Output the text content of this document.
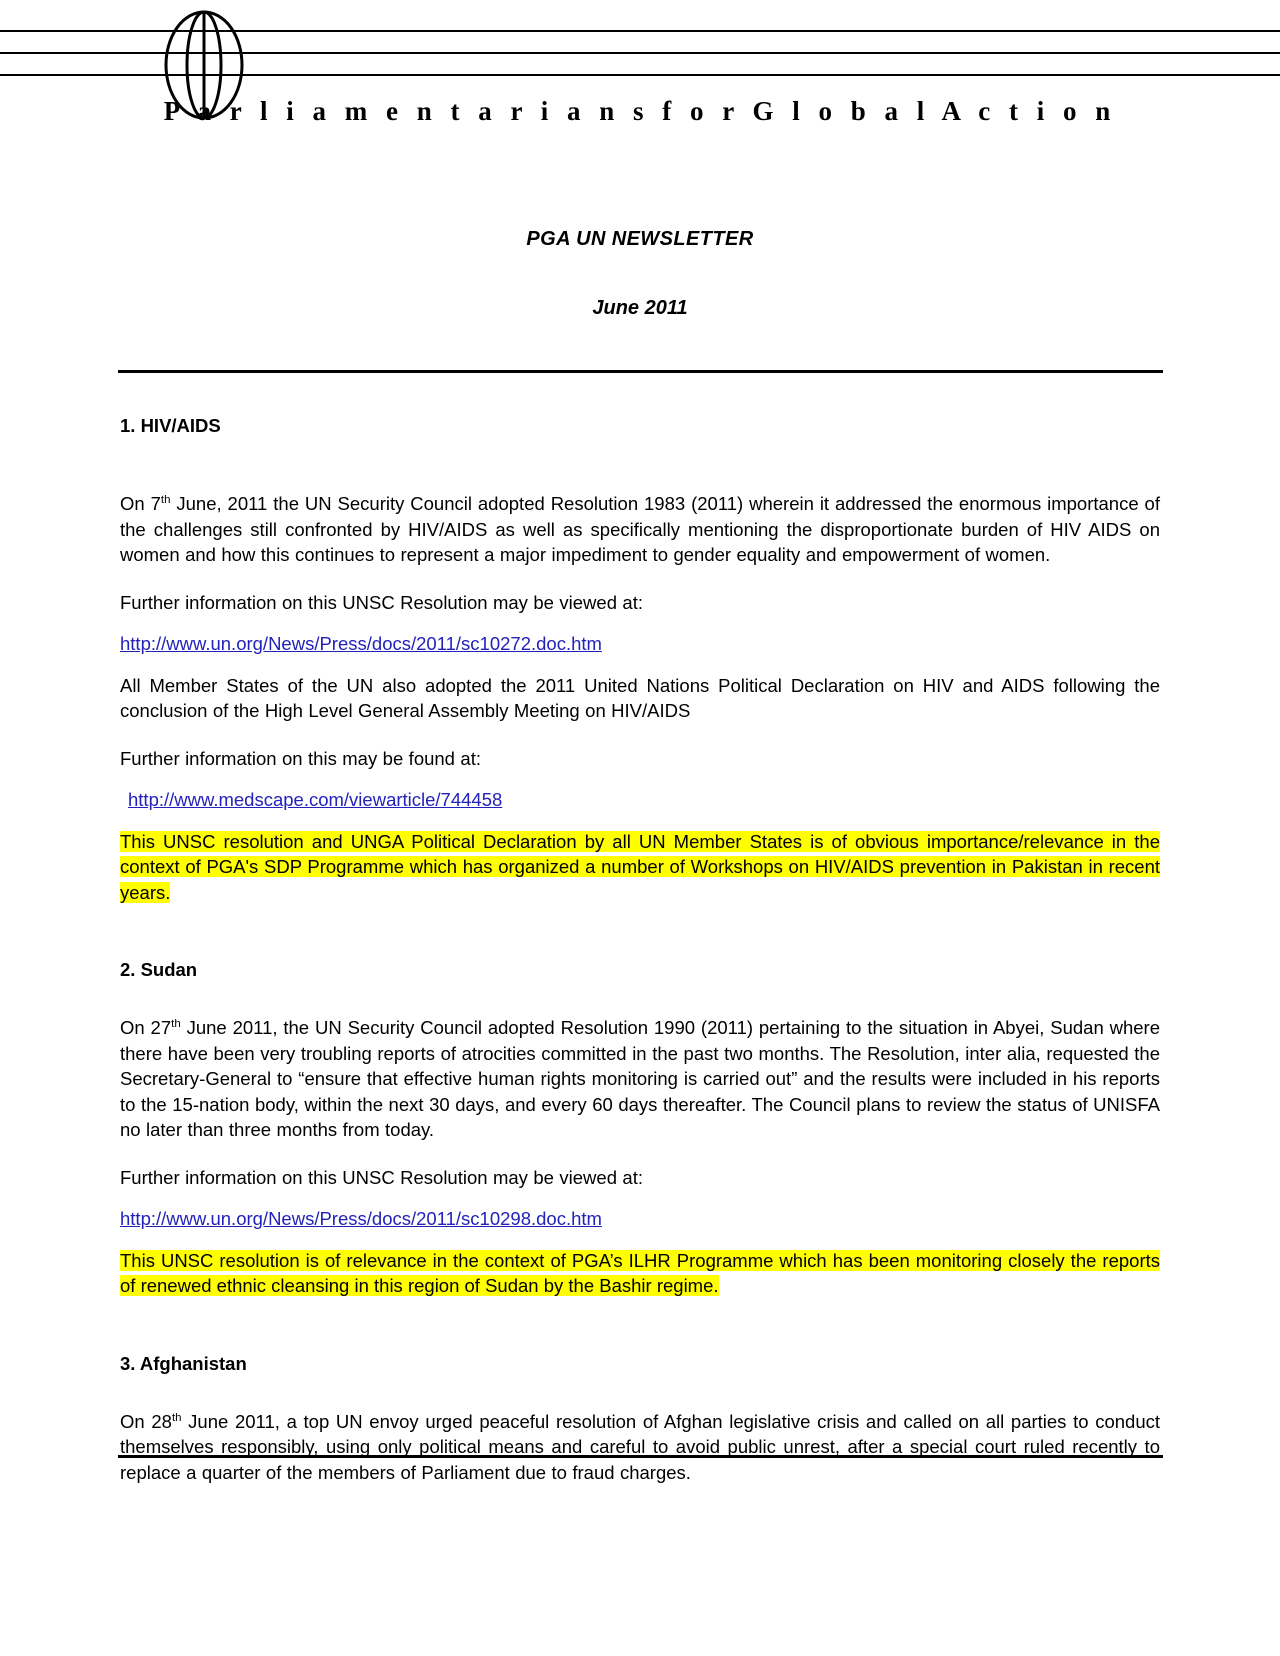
P a r l i a m e n t a r i a n s f o r G l o b a l A c t i o n
PGA UN NEWSLETTER
June 2011
1. HIV/AIDS

On 7th June, 2011 the UN Security Council adopted Resolution 1983 (2011) wherein it addressed the enormous importance of the challenges still confronted by HIV/AIDS as well as specifically mentioning the disproportionate burden of HIV AIDS on women and how this continues to represent a major impediment to gender equality and empowerment of women.

Further information on this UNSC Resolution may be viewed at:

http://www.un.org/News/Press/docs/2011/sc10272.doc.htm

All Member States of the UN also adopted the 2011 United Nations Political Declaration on HIV and AIDS following the conclusion of the High Level General Assembly Meeting on HIV/AIDS

Further information on this may be found at:

http://www.medscape.com/viewarticle/744458

This UNSC resolution and UNGA Political Declaration by all UN Member States is of obvious importance/relevance in the context of PGA's SDP Programme which has organized a number of Workshops on HIV/AIDS prevention in Pakistan in recent years.

2. Sudan

On 27th June 2011, the UN Security Council adopted Resolution 1990 (2011) pertaining to the situation in Abyei, Sudan where there have been very troubling reports of atrocities committed in the past two months. The Resolution, inter alia, requested the Secretary-General to “ensure that effective human rights monitoring is carried out” and the results were included in his reports to the 15-nation body, within the next 30 days, and every 60 days thereafter. The Council plans to review the status of UNISFA no later than three months from today.

Further information on this UNSC Resolution may be viewed at:

http://www.un.org/News/Press/docs/2011/sc10298.doc.htm

This UNSC resolution is of relevance in the context of PGA’s ILHR Programme which has been monitoring closely the reports of renewed ethnic cleansing in this region of Sudan by the Bashir regime.

3. Afghanistan

On 28th June 2011, a top UN envoy urged peaceful resolution of Afghan legislative crisis and called on all parties to conduct themselves responsibly, using only political means and careful to avoid public unrest, after a special court ruled recently to replace a quarter of the members of Parliament due to fraud charges.
